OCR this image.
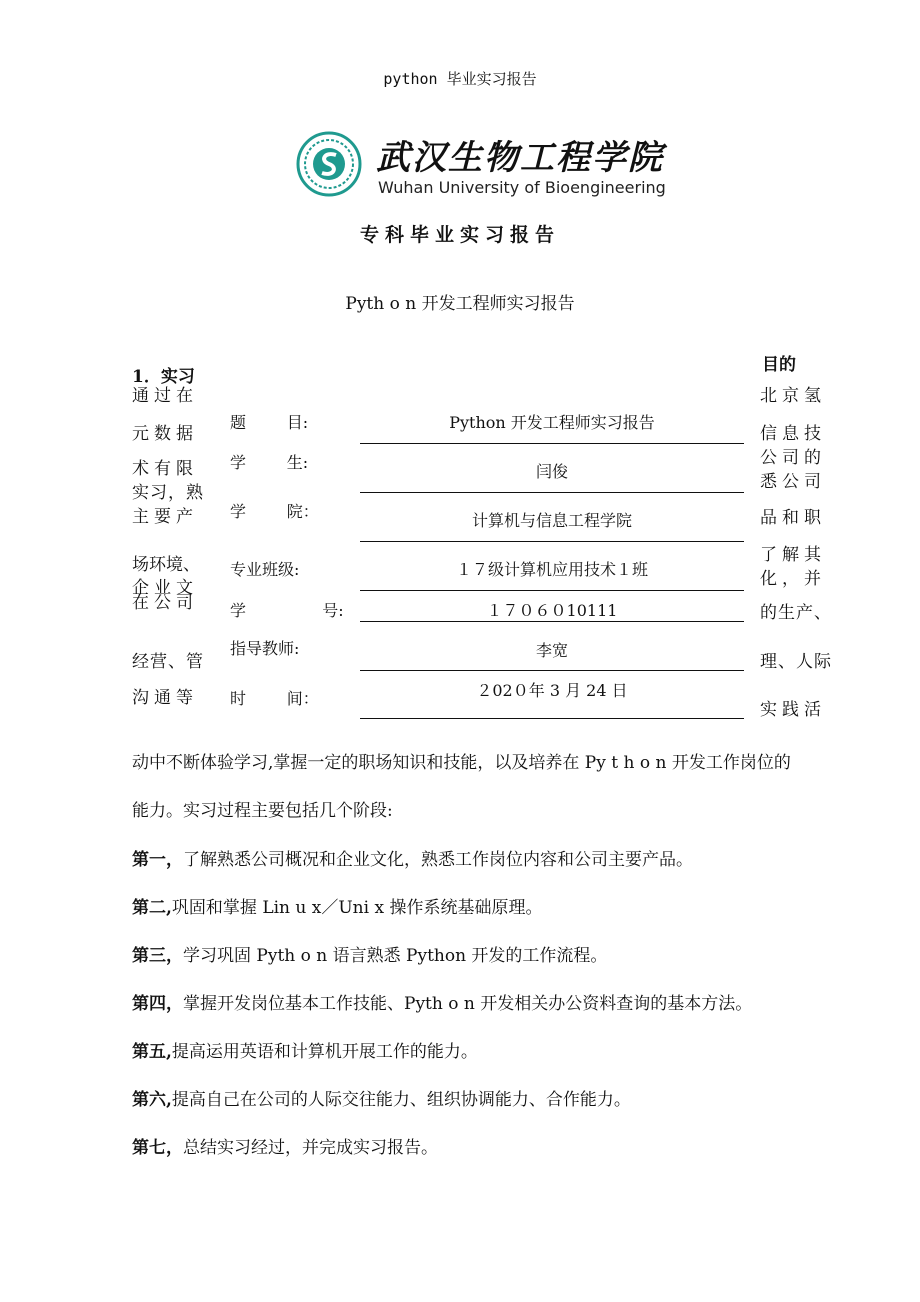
python 毕业实习报告
武汉生物工程学院
Wuhan University of Bioengineering
专科毕业实习报告
Pyth o n 开发工程师实习报告
1．实习
目的
通过在
元数据
术有限
实习，熟
主要产
场环境、
企业文
在公司
经营、管
沟通等
北京氢
信息技
公司的
悉公司
品和职
了解其
化，并
的生产、
理、人际
实践活
题        目:	Python 开发工程师实习报告
学        生:	闫俊
学        院：	计算机与信息工程学院
专业班级:	１７级计算机应用技术１班
学               号:	１７０６０10111
指导教师:	李宽
时        间：	２02０年 3 月 24 日
动中不断体验学习,掌握一定的职场知识和技能，以及培养在 Py t h o n 开发工作岗位的
能力。实习过程主要包括几个阶段:
第一，了解熟悉公司概况和企业文化，熟悉工作岗位内容和公司主要产品。
第二,巩固和掌握 Lin u x／Uni x 操作系统基础原理。
第三，学习巩固 Pyth o n 语言熟悉 Python 开发的工作流程。
第四，掌握开发岗位基本工作技能、Pyth o n 开发相关办公资料查询的基本方法。
第五,提高运用英语和计算机开展工作的能力。
第六,提高自己在公司的人际交往能力、组织协调能力、合作能力。
第七，总结实习经过，并完成实习报告。
